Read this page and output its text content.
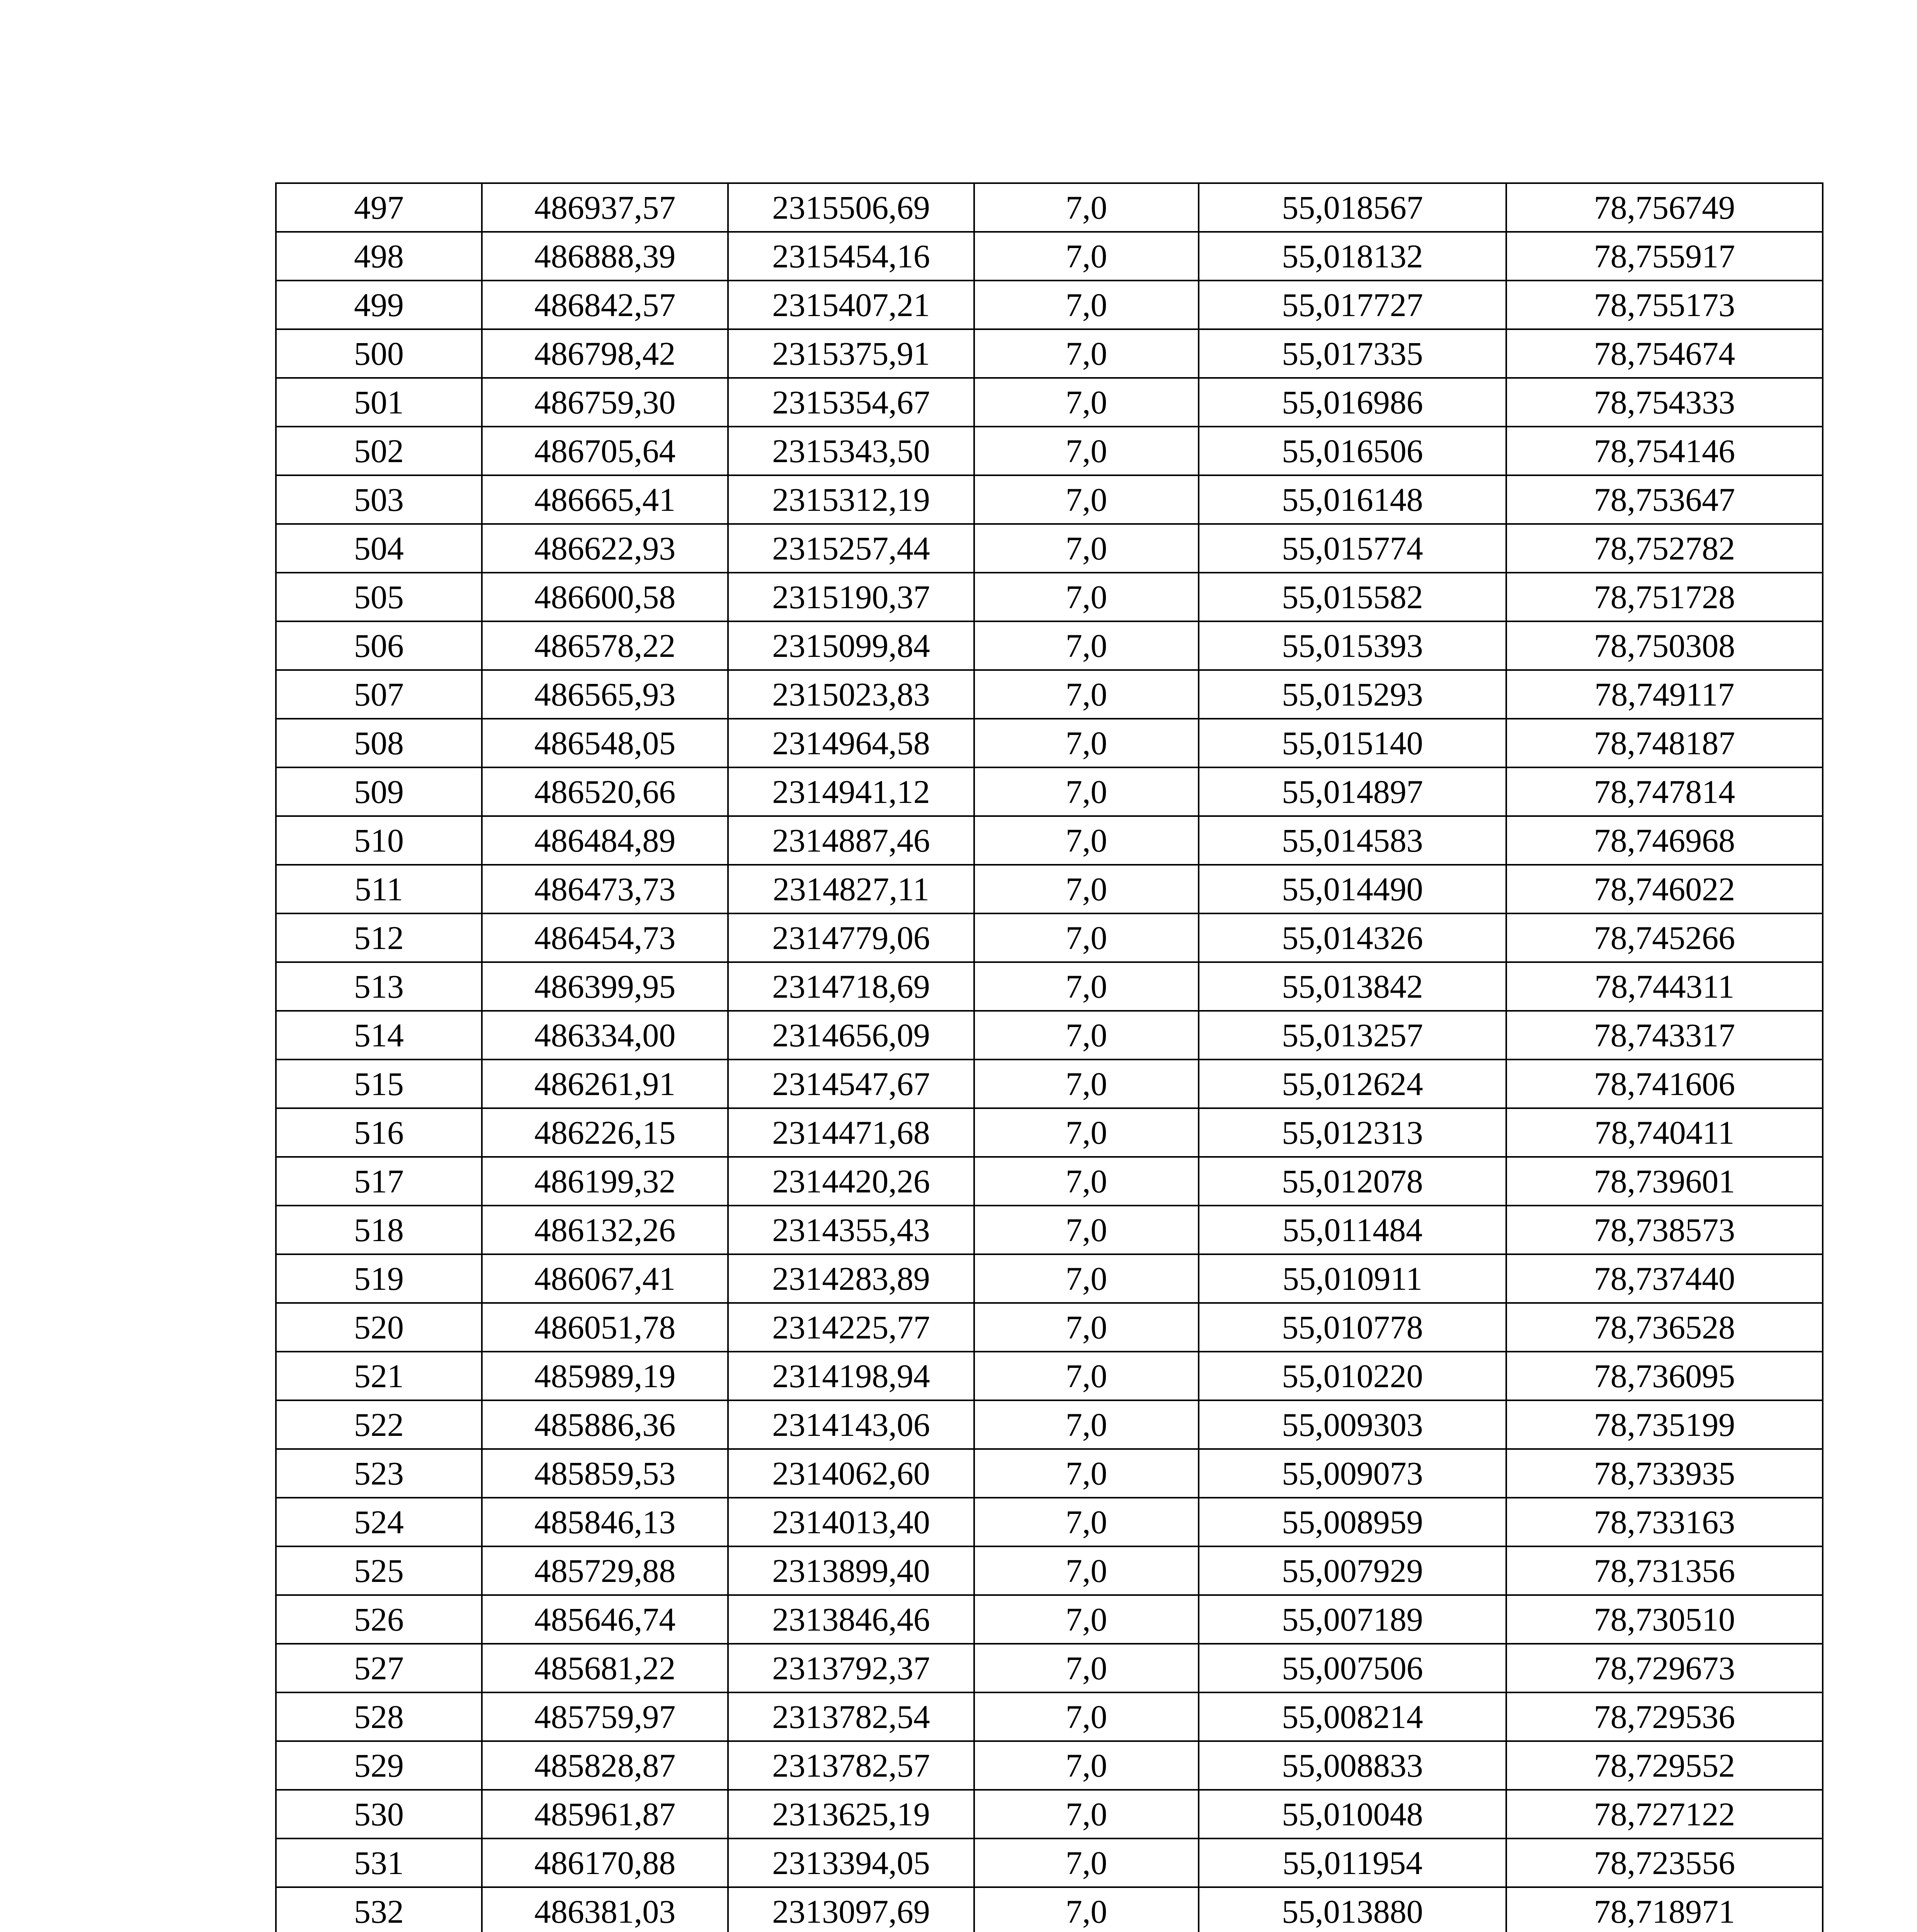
497	486937,57	2315506,69	7,0	55,018567	78,756749
498	486888,39	2315454,16	7,0	55,018132	78,755917
499	486842,57	2315407,21	7,0	55,017727	78,755173
500	486798,42	2315375,91	7,0	55,017335	78,754674
501	486759,30	2315354,67	7,0	55,016986	78,754333
502	486705,64	2315343,50	7,0	55,016506	78,754146
503	486665,41	2315312,19	7,0	55,016148	78,753647
504	486622,93	2315257,44	7,0	55,015774	78,752782
505	486600,58	2315190,37	7,0	55,015582	78,751728
506	486578,22	2315099,84	7,0	55,015393	78,750308
507	486565,93	2315023,83	7,0	55,015293	78,749117
508	486548,05	2314964,58	7,0	55,015140	78,748187
509	486520,66	2314941,12	7,0	55,014897	78,747814
510	486484,89	2314887,46	7,0	55,014583	78,746968
511	486473,73	2314827,11	7,0	55,014490	78,746022
512	486454,73	2314779,06	7,0	55,014326	78,745266
513	486399,95	2314718,69	7,0	55,013842	78,744311
514	486334,00	2314656,09	7,0	55,013257	78,743317
515	486261,91	2314547,67	7,0	55,012624	78,741606
516	486226,15	2314471,68	7,0	55,012313	78,740411
517	486199,32	2314420,26	7,0	55,012078	78,739601
518	486132,26	2314355,43	7,0	55,011484	78,738573
519	486067,41	2314283,89	7,0	55,010911	78,737440
520	486051,78	2314225,77	7,0	55,010778	78,736528
521	485989,19	2314198,94	7,0	55,010220	78,736095
522	485886,36	2314143,06	7,0	55,009303	78,735199
523	485859,53	2314062,60	7,0	55,009073	78,733935
524	485846,13	2314013,40	7,0	55,008959	78,733163
525	485729,88	2313899,40	7,0	55,007929	78,731356
526	485646,74	2313846,46	7,0	55,007189	78,730510
527	485681,22	2313792,37	7,0	55,007506	78,729673
528	485759,97	2313782,54	7,0	55,008214	78,729536
529	485828,87	2313782,57	7,0	55,008833	78,729552
530	485961,87	2313625,19	7,0	55,010048	78,727122
531	486170,88	2313394,05	7,0	55,011954	78,723556
532	486381,03	2313097,69	7,0	55,013880	78,718971
